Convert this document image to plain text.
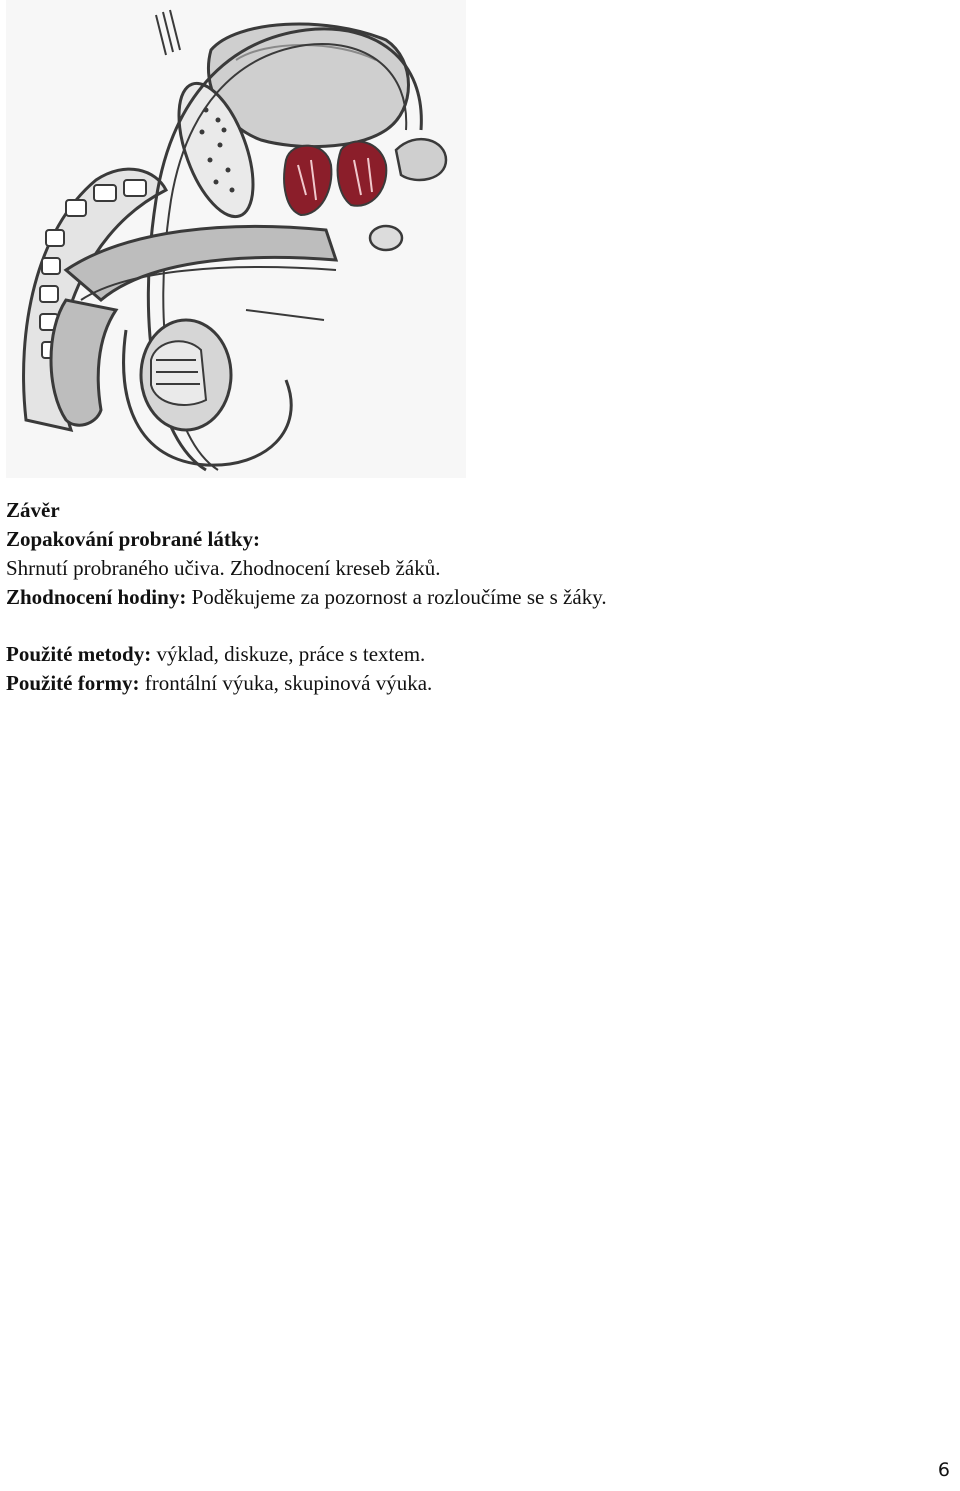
Závěr
Zopakování probrané látky:
Shrnutí probraného učiva. Zhodnocení kreseb žáků.
Zhodnocení hodiny: Poděkujeme za pozornost a rozloučíme se s žáky.
Použité metody: výklad, diskuze, práce s textem.
Použité formy: frontální výuka, skupinová výuka.
6
